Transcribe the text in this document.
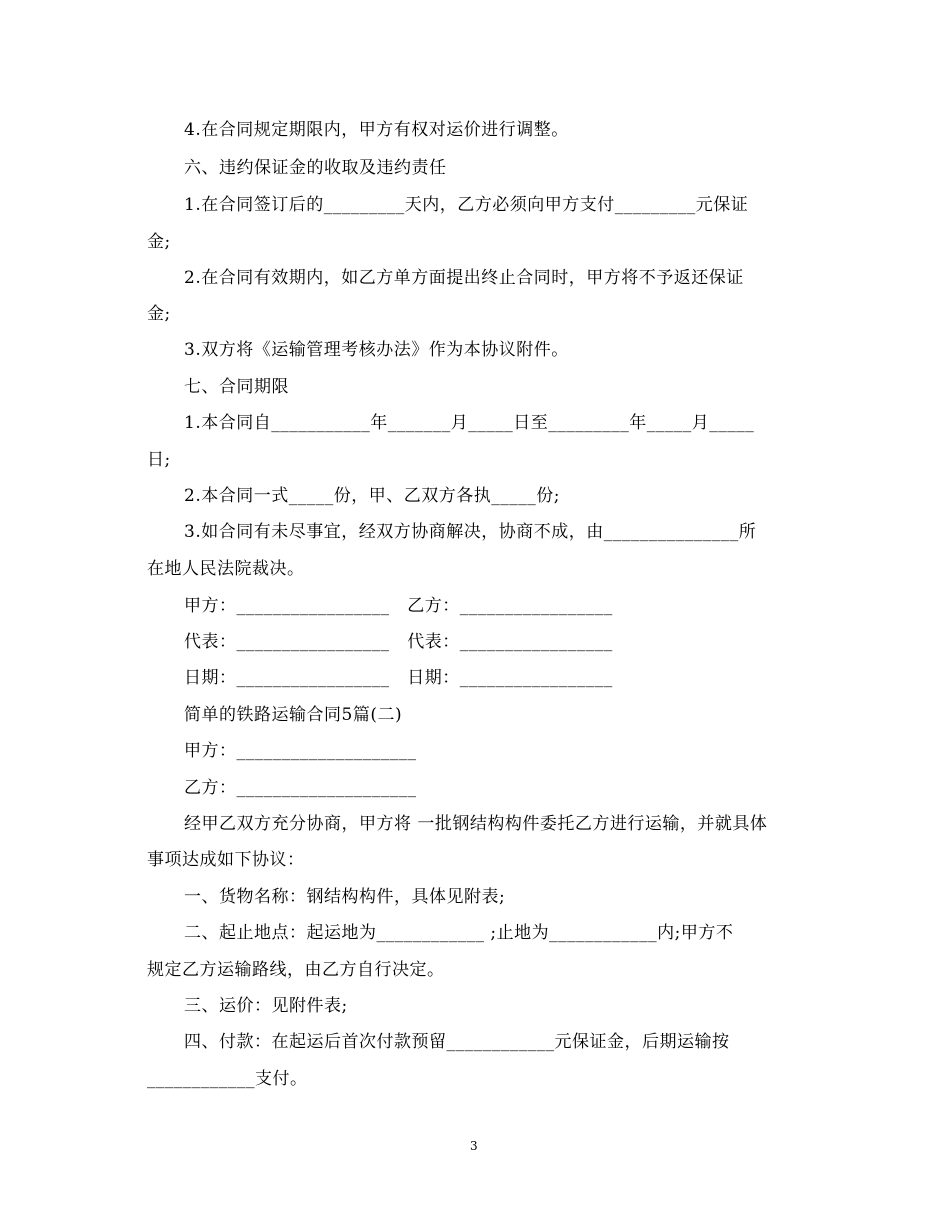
4.在合同规定期限内，甲方有权对运价进行调整。
六、违约保证金的收取及违约责任
1.在合同签订后的_________天内，乙方必须向甲方支付_________元保证
金;
2.在合同有效期内，如乙方单方面提出终止合同时，甲方将不予返还保证
金;
3.双方将《运输管理考核办法》作为本协议附件。
七、合同期限
1.本合同自___________年_______月_____日至_________年_____月_____
日;
2.本合同一式_____份，甲、乙双方各执_____份;
3.如合同有未尽事宜，经双方协商解决，协商不成，由_______________所
在地人民法院裁决。
甲方：_________________   乙方：_________________
代表：_________________   代表：_________________
日期：_________________   日期：_________________
简单的铁路运输合同5篇(二)
甲方：____________________
乙方：____________________
经甲乙双方充分协商，甲方将 一批钢结构构件委托乙方进行运输，并就具体
事项达成如下协议：
一、货物名称：钢结构构件，具体见附表;
二、起止地点：起运地为____________ ;止地为____________内;甲方不
规定乙方运输路线，由乙方自行决定。
三、运价：见附件表;
四、付款：在起运后首次付款预留____________元保证金，后期运输按
____________支付。
3
